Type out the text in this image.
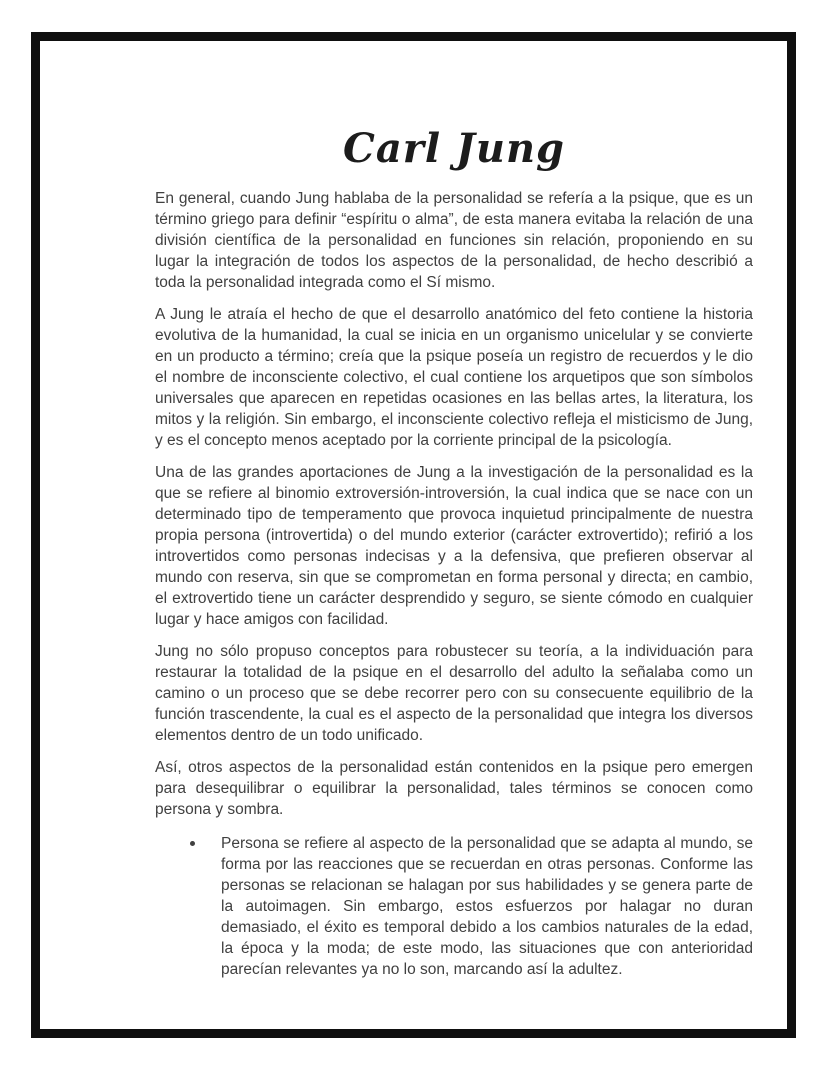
Carl Jung

En general, cuando Jung hablaba de la personalidad se refería a la psique, que es un término griego para definir “espíritu o alma”, de esta manera evitaba la relación de una división científica de la personalidad en funciones sin relación, proponiendo en su lugar la integración de todos los aspectos de la personalidad, de hecho describió a toda la personalidad integrada como el Sí mismo.

A Jung le atraía el hecho de que el desarrollo anatómico del feto contiene la historia evolutiva de la humanidad, la cual se inicia en un organismo unicelular y se convierte en un producto a término; creía que la psique poseía un registro de recuerdos y le dio el nombre de inconsciente colectivo, el cual contiene los arquetipos que son símbolos universales que aparecen en repetidas ocasiones en las bellas artes, la literatura, los mitos y la religión. Sin embargo, el inconsciente colectivo refleja el misticismo de Jung, y es el concepto menos aceptado por la corriente principal de la psicología.

Una de las grandes aportaciones de Jung a la investigación de la personalidad es la que se refiere al binomio extroversión-introversión, la cual indica que se nace con un determinado tipo de temperamento que provoca inquietud principalmente de nuestra propia persona (introvertida) o del mundo exterior (carácter extrovertido); refirió a los introvertidos como personas indecisas y a la defensiva, que prefieren observar al mundo con reserva, sin que se comprometan en forma personal y directa; en cambio, el extrovertido tiene un carácter desprendido y seguro, se siente cómodo en cualquier lugar y hace amigos con facilidad.

Jung no sólo propuso conceptos para robustecer su teoría, a la individuación para restaurar la totalidad de la psique en el desarrollo del adulto la señalaba como un camino o un proceso que se debe recorrer pero con su consecuente equilibrio de la función trascendente, la cual es el aspecto de la personalidad que integra los diversos elementos dentro de un todo unificado.

Así, otros aspectos de la personalidad están contenidos en la psique pero emergen para desequilibrar o equilibrar la personalidad, tales términos se conocen como persona y sombra.

Persona se refiere al aspecto de la personalidad que se adapta al mundo, se forma por las reacciones que se recuerdan en otras personas. Conforme las personas se relacionan se halagan por sus habilidades y se genera parte de la autoimagen. Sin embargo, estos esfuerzos por halagar no duran demasiado, el éxito es temporal debido a los cambios naturales de la edad, la época y la moda; de este modo, las situaciones que con anterioridad parecían relevantes ya no lo son, marcando así la adultez.
